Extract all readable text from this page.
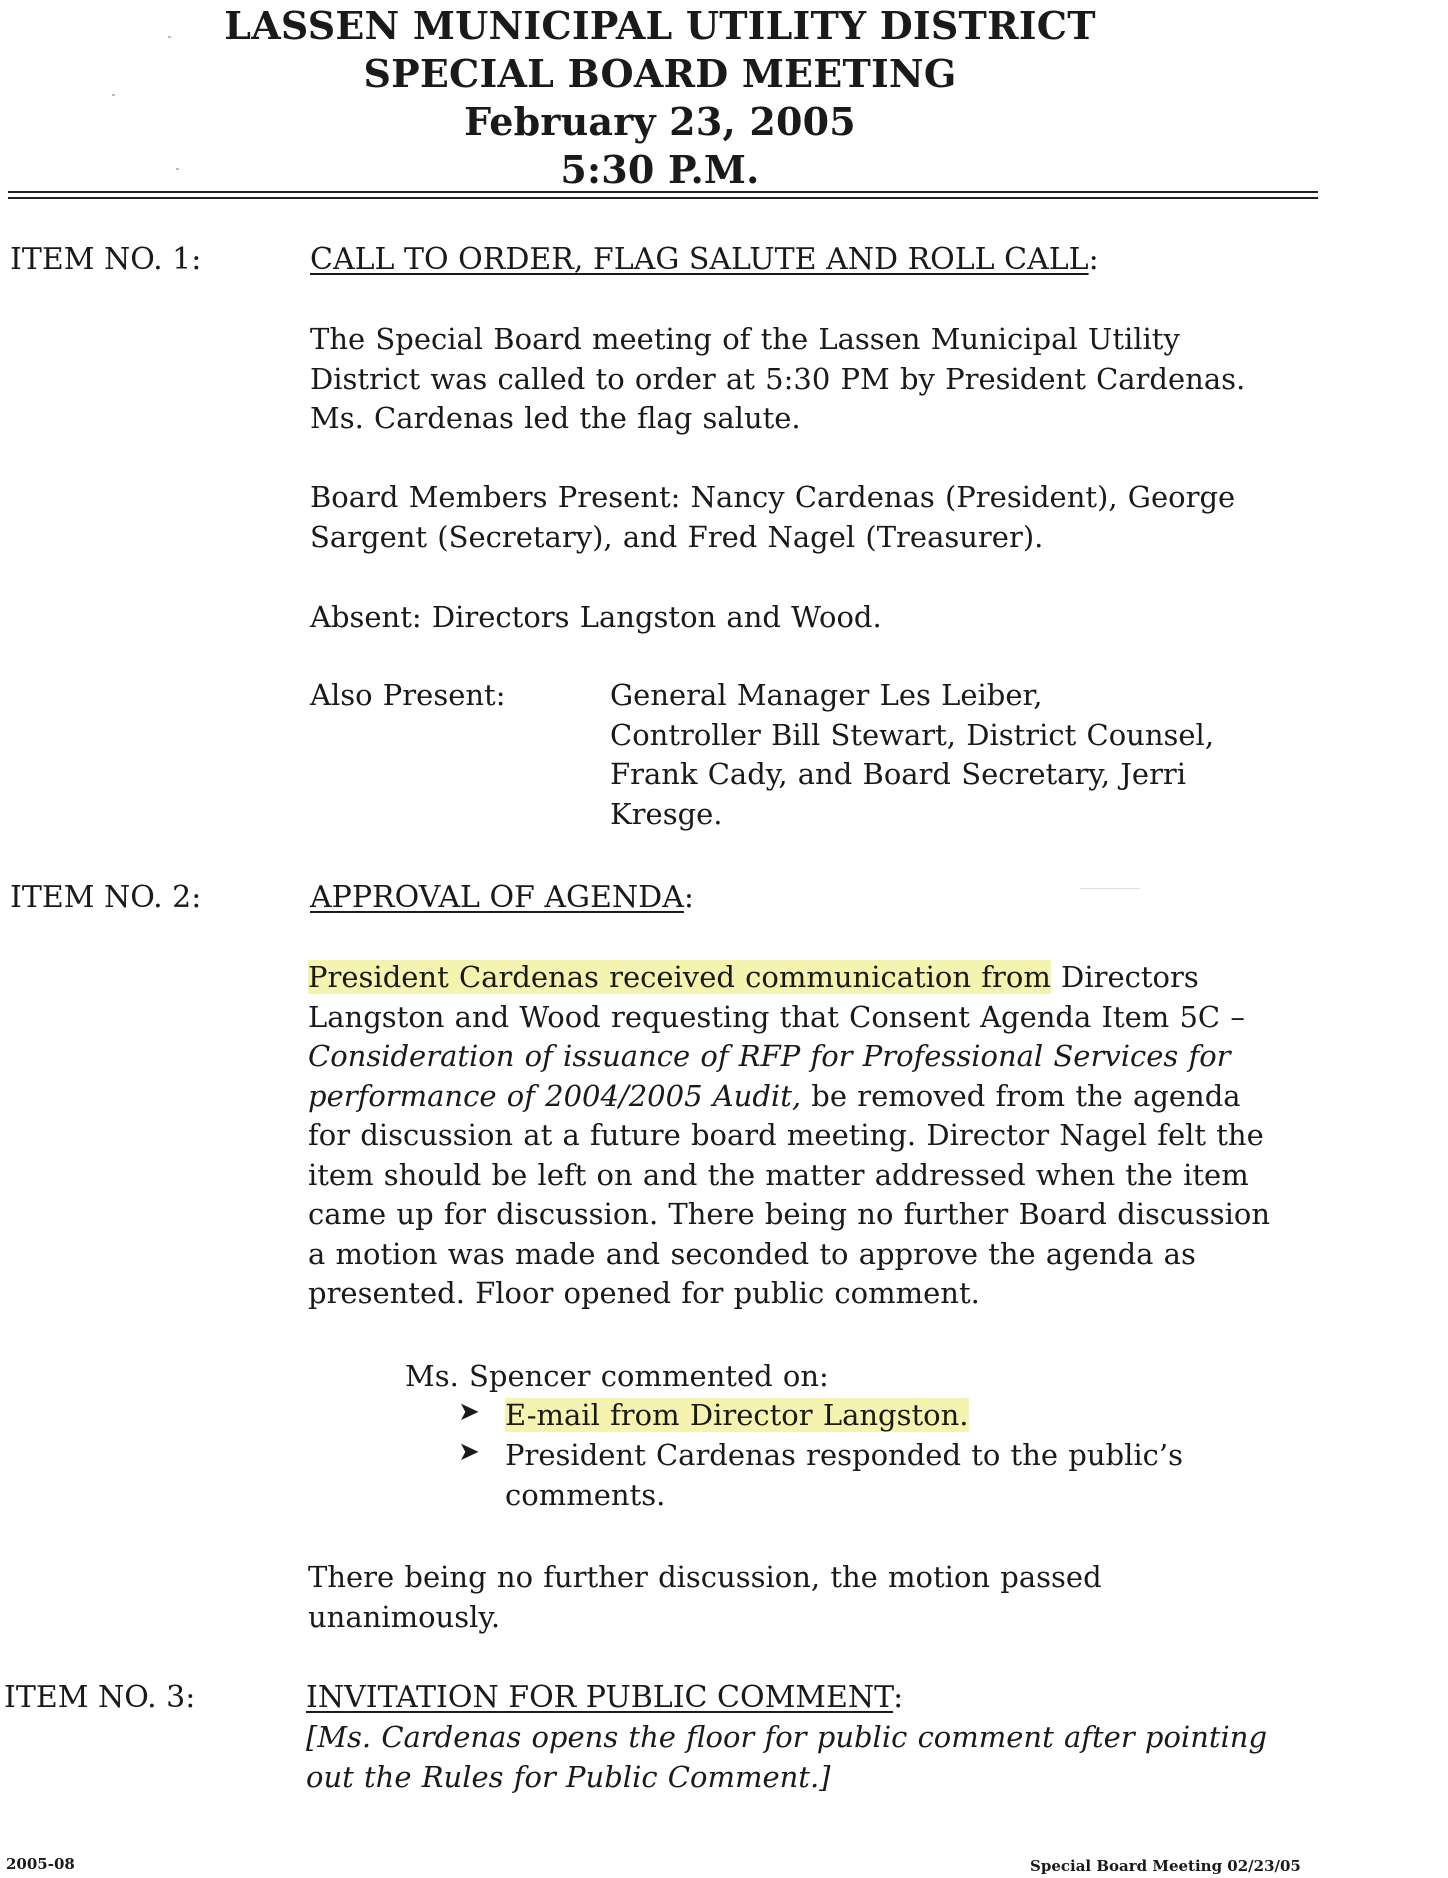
LASSEN MUNICIPAL UTILITY DISTRICT
SPECIAL BOARD MEETING
February 23, 2005
5:30 P.M.
ITEM NO. 1:	CALL TO ORDER, FLAG SALUTE AND ROLL CALL:
The Special Board meeting of the Lassen Municipal Utility
District was called to order at 5:30 PM by President Cardenas.
Ms. Cardenas led the flag salute.
Board Members Present: Nancy Cardenas (President), George
Sargent (Secretary), and Fred Nagel (Treasurer).
Absent: Directors Langston and Wood.
Also Present:	General Manager Les Leiber,
Controller Bill Stewart, District Counsel,
Frank Cady, and Board Secretary, Jerri
Kresge.
ITEM NO. 2:	APPROVAL OF AGENDA:
President Cardenas received communication from Directors
Langston and Wood requesting that Consent Agenda Item 5C –
Consideration of issuance of RFP for Professional Services for
performance of 2004/2005 Audit, be removed from the agenda
for discussion at a future board meeting. Director Nagel felt the
item should be left on and the matter addressed when the item
came up for discussion. There being no further Board discussion
a motion was made and seconded to approve the agenda as
presented. Floor opened for public comment.
Ms. Spencer commented on:
➤ E-mail from Director Langston.
➤ President Cardenas responded to the public’s
comments.
There being no further discussion, the motion passed
unanimously.
ITEM NO. 3:	INVITATION FOR PUBLIC COMMENT:
[Ms. Cardenas opens the floor for public comment after pointing
out the Rules for Public Comment.]
2005-08	Special Board Meeting 02/23/05
